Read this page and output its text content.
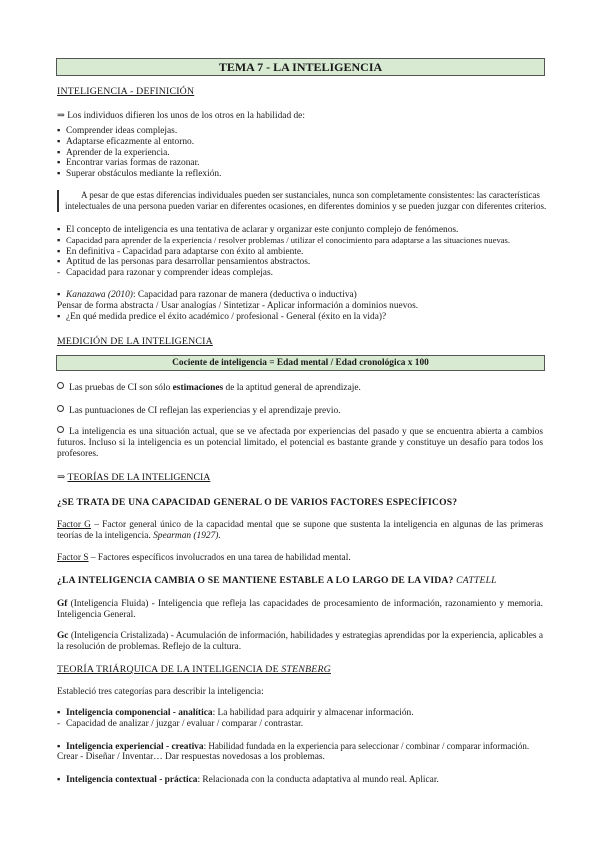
TEMA 7 - LA INTELIGENCIA
INTELIGENCIA - DEFINICIÓN
⇒ Los individuos difieren los unos de los otros en la habilidad de:
▪ Comprender ideas complejas.
▪ Adaptarse eficazmente al entorno.
▪ Aprender de la experiencia.
▪ Encontrar varias formas de razonar.
▪ Superar obstáculos mediante la reflexión.
A pesar de que estas diferencias individuales pueden ser sustanciales, nunca son completamente consistentes: las características intelectuales de una persona pueden variar en diferentes ocasiones, en diferentes dominios y se pueden juzgar con diferentes criterios.
▪ El concepto de inteligencia es una tentativa de aclarar y organizar este conjunto complejo de fenómenos.
▪ Capacidad para aprender de la experiencia / resolver problemas / utilizar el conocimiento para adaptarse a las situaciones nuevas.
▪ En definitiva - Capacidad para adaptarse con éxito al ambiente.
▪ Aptitud de las personas para desarrollar pensamientos abstractos.
- Capacidad para razonar y comprender ideas complejas.
▪ Kanazawa (2010): Capacidad para razonar de manera (deductiva o inductiva)
Pensar de forma abstracta / Usar analogías / Sintetizar - Aplicar información a dominios nuevos.
▪ ¿En qué medida predice el éxito académico / profesional - General (éxito en la vida)?
MEDICIÓN DE LA INTELIGENCIA
Cociente de inteligencia = Edad mental / Edad cronológica x 100
Las pruebas de CI son sólo estimaciones de la aptitud general de aprendizaje.
Las puntuaciones de CI reflejan las experiencias y el aprendizaje previo.
La inteligencia es una situación actual, que se ve afectada por experiencias del pasado y que se encuentra abierta a cambios futuros. Incluso si la inteligencia es un potencial limitado, el potencial es bastante grande y constituye un desafío para todos los profesores.
⇒ TEORÍAS DE LA INTELIGENCIA
¿SE TRATA DE UNA CAPACIDAD GENERAL O DE VARIOS FACTORES ESPECÍFICOS?
Factor G – Factor general único de la capacidad mental que se supone que sustenta la inteligencia en algunas de las primeras teorías de la inteligencia. Spearman (1927).
Factor S – Factores específicos involucrados en una tarea de habilidad mental.
¿LA INTELIGENCIA CAMBIA O SE MANTIENE ESTABLE A LO LARGO DE LA VIDA? CATTELL
Gf (Inteligencia Fluida) - Inteligencia que refleja las capacidades de procesamiento de información, razonamiento y memoria. Inteligencia General.
Gc (Inteligencia Cristalizada) - Acumulación de información, habilidades y estrategias aprendidas por la experiencia, aplicables a la resolución de problemas. Reflejo de la cultura.
TEORÍA TRIÁRQUICA DE LA INTELIGENCIA DE STENBERG
Estableció tres categorías para describir la inteligencia:
▪ Inteligencia componencial - analítica: La habilidad para adquirir y almacenar información.
- Capacidad de analizar / juzgar / evaluar / comparar / contrastar.
▪ Inteligencia experiencial - creativa: Habilidad fundada en la experiencia para seleccionar / combinar / comparar información.
Crear - Diseñar / Inventar… Dar respuestas novedosas a los problemas.
▪ Inteligencia contextual - práctica: Relacionada con la conducta adaptativa al mundo real. Aplicar.
